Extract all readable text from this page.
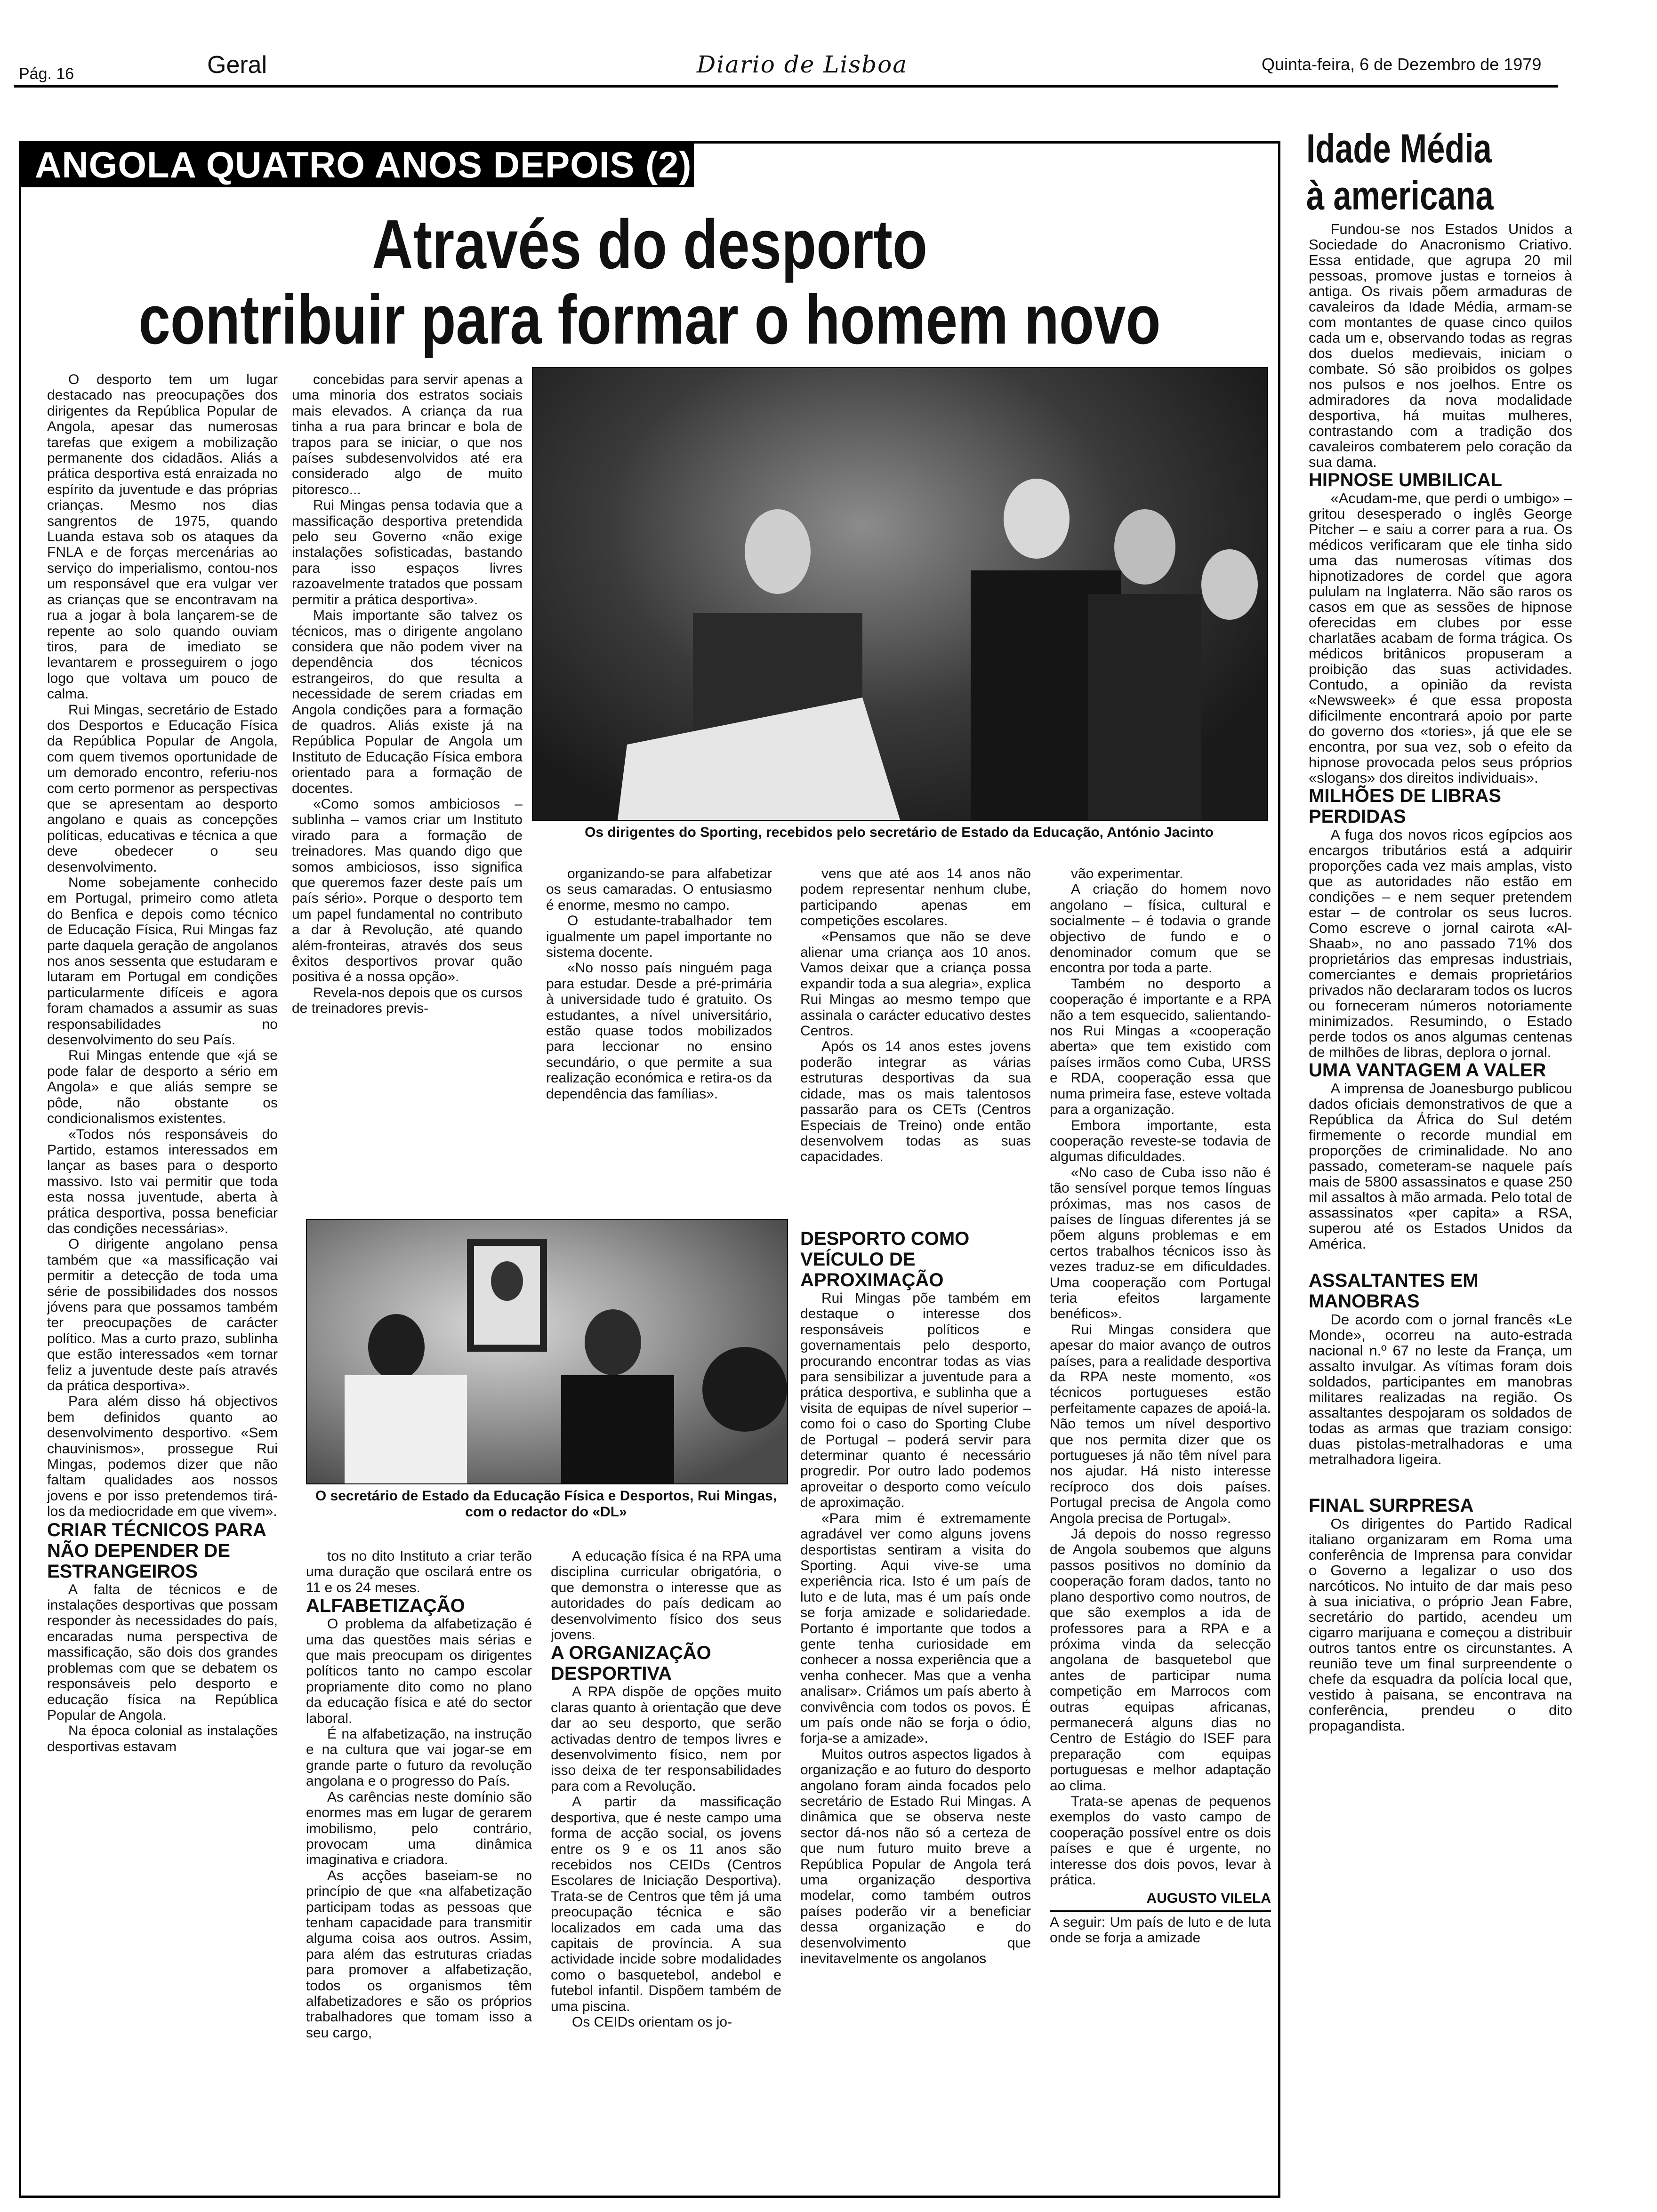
Pág. 16	Geral	Diario de Lisboa	Quinta-feira, 6 de Dezembro de 1979
ANGOLA QUATRO ANOS DEPOIS (2)
Através do desporto
contribuir para formar o homem novo

O desporto tem um lugar destacado nas preocupações dos dirigentes da República Popular de Angola, apesar das numerosas tarefas que exigem a mobilização permanente dos cidadãos. Aliás a prática desportiva está enraizada no espírito da juventude e das próprias crianças. Mesmo nos dias sangrentos de 1975, quando Luanda estava sob os ataques da FNLA e de forças mercenárias ao serviço do imperialismo, contou-nos um responsável que era vulgar ver as crianças que se encontravam na rua a jogar à bola lançarem-se de repente ao solo quando ouviam tiros, para de imediato se levantarem e prosseguirem o jogo logo que voltava um pouco de calma.

Rui Mingas, secretário de Estado dos Desportos e Educação Física da República Popular de Angola, com quem tivemos oportunidade de um demorado encontro, referiu-nos com certo pormenor as perspectivas que se apresentam ao desporto angolano e quais as concepções políticas, educativas e técnica a que deve obedecer o seu desenvolvimento.

Nome sobejamente conhecido em Portugal, primeiro como atleta do Benfica e depois como técnico de Educação Física, Rui Mingas faz parte daquela geração de angolanos nos anos sessenta que estudaram e lutaram em Portugal em condições particularmente difíceis e agora foram chamados a assumir as suas responsabilidades no desenvolvimento do seu País.

Rui Mingas entende que «já se pode falar de desporto a sério em Angola» e que aliás sempre se pôde, não obstante os condicionalismos existentes.

«Todos nós responsáveis do Partido, estamos interessados em lançar as bases para o desporto massivo. Isto vai permitir que toda esta nossa juventude, aberta à prática desportiva, possa beneficiar das condições necessárias».

O dirigente angolano pensa também que «a massificação vai permitir a detecção de toda uma série de possibilidades dos nossos jóvens para que possamos também ter preocupações de carácter político. Mas a curto prazo, sublinha que estão interessados «em tornar feliz a juventude deste país através da prática desportiva».

Para além disso há objectivos bem definidos quanto ao desenvolvimento desportivo. «Sem chauvinismos», prossegue Rui Mingas, podemos dizer que não faltam qualidades aos nossos jovens e por isso pretendemos tirá-los da mediocridade em que vivem».

CRIAR TÉCNICOS PARA NÃO DEPENDER DE ESTRANGEIROS

A falta de técnicos e de instalações desportivas que possam responder às necessidades do país, encaradas numa perspectiva de massificação, são dois dos grandes problemas com que se debatem os responsáveis pelo desporto e educação física na República Popular de Angola.

Na época colonial as instalações desportivas estavam

concebidas para servir apenas a uma minoria dos estratos sociais mais elevados. A criança da rua tinha a rua para brincar e bola de trapos para se iniciar, o que nos países subdesenvolvidos até era considerado algo de muito pitoresco...

Rui Mingas pensa todavia que a massificação desportiva pretendida pelo seu Governo «não exige instalações sofisticadas, bastando para isso espaços livres razoavelmente tratados que possam permitir a prática desportiva».

Mais importante são talvez os técnicos, mas o dirigente angolano considera que não podem viver na dependência dos técnicos estrangeiros, do que resulta a necessidade de serem criadas em Angola condições para a formação de quadros. Aliás existe já na República Popular de Angola um Instituto de Educação Física embora orientado para a formação de docentes.

«Como somos ambiciosos – sublinha – vamos criar um Instituto virado para a formação de treinadores. Mas quando digo que somos ambiciosos, isso significa que queremos fazer deste país um país sério». Porque o desporto tem um papel fundamental no contributo a dar à Revolução, até quando além-fronteiras, através dos seus êxitos desportivos provar quão positiva é a nossa opção».

Revela-nos depois que os cursos de treinadores previs-

Os dirigentes do Sporting, recebidos pelo secretário de Estado da Educação, António Jacinto

organizando-se para alfabetizar os seus camaradas. O entusiasmo é enorme, mesmo no campo.

O estudante-trabalhador tem igualmente um papel importante no sistema docente.

«No nosso país ninguém paga para estudar. Desde a pré-primária à universidade tudo é gratuito. Os estudantes, a nível universitário, estão quase todos mobilizados para leccionar no ensino secundário, o que permite a sua realização económica e retira-os da dependência das famílias».

vens que até aos 14 anos não podem representar nenhum clube, participando apenas em competições escolares.

«Pensamos que não se deve alienar uma criança aos 10 anos. Vamos deixar que a criança possa expandir toda a sua alegria», explica Rui Mingas ao mesmo tempo que assinala o carácter educativo destes Centros.

Após os 14 anos estes jovens poderão integrar as várias estruturas desportivas da sua cidade, mas os mais talentosos passarão para os CETs (Centros Especiais de Treino) onde então desenvolvem todas as suas capacidades.

DESPORTO COMO VEÍCULO DE APROXIMAÇÃO

Rui Mingas põe também em destaque o interesse dos responsáveis políticos e governamentais pelo desporto, procurando encontrar todas as vias para sensibilizar a juventude para a prática desportiva, e sublinha que a visita de equipas de nível superior – como foi o caso do Sporting Clube de Portugal – poderá servir para determinar quanto é necessário progredir. Por outro lado podemos aproveitar o desporto como veículo de aproximação.

«Para mim é extremamente agradável ver como alguns jovens desportistas sentiram a visita do Sporting. Aqui vive-se uma experiência rica. Isto é um país de luto e de luta, mas é um país onde se forja amizade e solidariedade. Portanto é importante que todos a gente tenha curiosidade em conhecer a nossa experiência que a venha conhecer. Mas que a venha analisar». Criámos um país aberto à convivência com todos os povos. É um país onde não se forja o ódio, forja-se a amizade».

Muitos outros aspectos ligados à organização e ao futuro do desporto angolano foram ainda focados pelo secretário de Estado Rui Mingas. A dinâmica que se observa neste sector dá-nos não só a certeza de que num futuro muito breve a República Popular de Angola terá uma organização desportiva modelar, como também outros países poderão vir a beneficiar dessa organização e do desenvolvimento que inevitavelmente os angolanos

vão experimentar.

A criação do homem novo angolano – física, cultural e socialmente – é todavia o grande objectivo de fundo e o denominador comum que se encontra por toda a parte.

Também no desporto a cooperação é importante e a RPA não a tem esquecido, salientando-nos Rui Mingas a «cooperação aberta» que tem existido com países irmãos como Cuba, URSS e RDA, cooperação essa que numa primeira fase, esteve voltada para a organização.

Embora importante, esta cooperação reveste-se todavia de algumas dificuldades.

«No caso de Cuba isso não é tão sensível porque temos línguas próximas, mas nos casos de países de línguas diferentes já se põem alguns problemas e em certos trabalhos técnicos isso às vezes traduz-se em dificuldades. Uma cooperação com Portugal teria efeitos largamente benéficos».

Rui Mingas considera que apesar do maior avanço de outros países, para a realidade desportiva da RPA neste momento, «os técnicos portugueses estão perfeitamente capazes de apoiá-la. Não temos um nível desportivo que nos permita dizer que os portugueses já não têm nível para nos ajudar. Há nisto interesse recíproco dos dois países. Portugal precisa de Angola como Angola precisa de Portugal».

Já depois do nosso regresso de Angola soubemos que alguns passos positivos no domínio da cooperação foram dados, tanto no plano desportivo como noutros, de que são exemplos a ida de professores para a RPA e a próxima vinda da selecção angolana de basquetebol que antes de participar numa competição em Marrocos com outras equipas africanas, permanecerá alguns dias no Centro de Estágio do ISEF para preparação com equipas portuguesas e melhor adaptação ao clima.

Trata-se apenas de pequenos exemplos do vasto campo de cooperação possível entre os dois países e que é urgente, no interesse dos dois povos, levar à prática.

AUGUSTO VILELA

A seguir: Um país de luto e de luta onde se forja a amizade

O secretário de Estado da Educação Física e Desportos, Rui Mingas, com o redactor do «DL»

tos no dito Instituto a criar terão uma duração que oscilará entre os 11 e os 24 meses.

ALFABETIZAÇÃO

O problema da alfabetização é uma das questões mais sérias e que mais preocupam os dirigentes políticos tanto no campo escolar propriamente dito como no plano da educação física e até do sector laboral.

É na alfabetização, na instrução e na cultura que vai jogar-se em grande parte o futuro da revolução angolana e o progresso do País.

As carências neste domínio são enormes mas em lugar de gerarem imobilismo, pelo contrário, provocam uma dinâmica imaginativa e criadora.

As acções baseiam-se no princípio de que «na alfabetização participam todas as pessoas que tenham capacidade para transmitir alguma coisa aos outros. Assim, para além das estruturas criadas para promover a alfabetização, todos os organismos têm alfabetizadores e são os próprios trabalhadores que tomam isso a seu cargo,

A educação física é na RPA uma disciplina curricular obrigatória, o que demonstra o interesse que as autoridades do país dedicam ao desenvolvimento físico dos seus jovens.

A ORGANIZAÇÃO DESPORTIVA

A RPA dispõe de opções muito claras quanto à orientação que deve dar ao seu desporto, que serão activadas dentro de tempos livres e desenvolvimento físico, nem por isso deixa de ter responsabilidades para com a Revolução.

A partir da massificação desportiva, que é neste campo uma forma de acção social, os jovens entre os 9 e os 11 anos são recebidos nos CEIDs (Centros Escolares de Iniciação Desportiva). Trata-se de Centros que têm já uma preocupação técnica e são localizados em cada uma das capitais de província. A sua actividade incide sobre modalidades como o basquetebol, andebol e futebol infantil. Dispõem também de uma piscina.

Os CEIDs orientam os jo-

Idade Média
à americana

Fundou-se nos Estados Unidos a Sociedade do Anacronismo Criativo. Essa entidade, que agrupa 20 mil pessoas, promove justas e torneios à antiga. Os rivais põem armaduras de cavaleiros da Idade Média, armam-se com montantes de quase cinco quilos cada um e, observando todas as regras dos duelos medievais, iniciam o combate. Só são proibidos os golpes nos pulsos e nos joelhos. Entre os admiradores da nova modalidade desportiva, há muitas mulheres, contrastando com a tradição dos cavaleiros combaterem pelo coração da sua dama.

HIPNOSE UMBILICAL

«Acudam-me, que perdi o umbigo» – gritou desesperado o inglês George Pitcher – e saiu a correr para a rua. Os médicos verificaram que ele tinha sido uma das numerosas vítimas dos hipnotizadores de cordel que agora pululam na Inglaterra. Não são raros os casos em que as sessões de hipnose oferecidas em clubes por esse charlatães acabam de forma trágica. Os médicos britânicos propuseram a proibição das suas actividades. Contudo, a opinião da revista «Newsweek» é que essa proposta dificilmente encontrará apoio por parte do governo dos «tories», já que ele se encontra, por sua vez, sob o efeito da hipnose provocada pelos seus próprios «slogans» dos direitos individuais».

MILHÕES DE LIBRAS PERDIDAS

A fuga dos novos ricos egípcios aos encargos tributários está a adquirir proporções cada vez mais amplas, visto que as autoridades não estão em condições – e nem sequer pretendem estar – de controlar os seus lucros. Como escreve o jornal cairota «Al-Shaab», no ano passado 71% dos proprietários das empresas industriais, comerciantes e demais proprietários privados não declararam todos os lucros ou forneceram números notoriamente minimizados. Resumindo, o Estado perde todos os anos algumas centenas de milhões de libras, deplora o jornal.

UMA VANTAGEM A VALER

A imprensa de Joanesburgo publicou dados oficiais demonstrativos de que a República da África do Sul detém firmemente o recorde mundial em proporções de criminalidade. No ano passado, cometeram-se naquele país mais de 5800 assassinatos e quase 250 mil assaltos à mão armada. Pelo total de assassinatos «per capita» a RSA, superou até os Estados Unidos da América.

ASSALTANTES EM MANOBRAS

De acordo com o jornal francês «Le Monde», ocorreu na auto-estrada nacional n.º 67 no leste da França, um assalto invulgar. As vítimas foram dois soldados, participantes em manobras militares realizadas na região. Os assaltantes despojaram os soldados de todas as armas que traziam consigo: duas pistolas-metralhadoras e uma metralhadora ligeira.

FINAL SURPRESA

Os dirigentes do Partido Radical italiano organizaram em Roma uma conferência de Imprensa para convidar o Governo a legalizar o uso dos narcóticos. No intuito de dar mais peso à sua iniciativa, o próprio Jean Fabre, secretário do partido, acendeu um cigarro marijuana e começou a distribuir outros tantos entre os circunstantes. A reunião teve um final surpreendente o chefe da esquadra da polícia local que, vestido à paisana, se encontrava na conferência, prendeu o dito propagandista.
